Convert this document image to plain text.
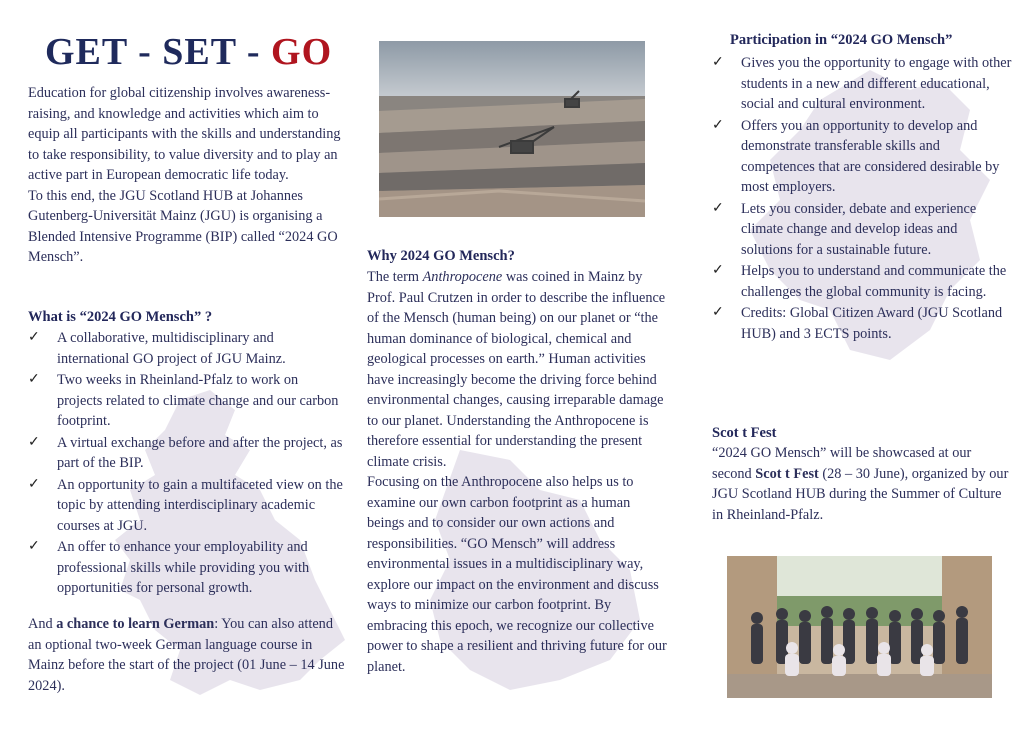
GET - SET - GO

Education for global citizenship involves awareness-raising, and knowledge and activities which aim to equip all participants with the skills and understanding to take responsibility, to value diversity and to play an active part in European democratic life today.

To this end, the JGU Scotland HUB at Johannes Gutenberg-Universität Mainz (JGU) is organising a Blended Intensive Programme (BIP) called “2024 GO Mensch”.

What is “2024 GO Mensch” ?
✓ A collaborative, multidisciplinary and international GO project of JGU Mainz.
✓ Two weeks in Rheinland-Pfalz to work on projects related to climate change and our carbon footprint.
✓ A virtual exchange before and after the project, as part of the BIP.
✓ An opportunity to gain a multifaceted view on the topic by attending interdisciplinary academic courses at JGU.
✓ An offer to enhance your employability and professional skills while providing you with opportunities for personal growth.

And a chance to learn German: You can also attend an optional two-week German language course in Mainz before the start of the project (01 June – 14 June 2024).

Why 2024 GO Mensch?

The term Anthropocene was coined in Mainz by Prof. Paul Crutzen in order to describe the influence of the Mensch (human being) on our planet or “the human dominance of biological, chemical and geological processes on earth.” Human activities have increasingly become the driving force behind environmental changes, causing irreparable damage to our planet. Understanding the Anthropocene is therefore essential for understanding the present climate crisis.

Focusing on the Anthropocene also helps us to examine our own carbon footprint as a human beings and to consider our own actions and responsibilities. “GO Mensch” will address environmental issues in a multidisciplinary way, explore our impact on the environment and discuss ways to minimize our carbon footprint. By embracing this epoch, we recognize our collective power to shape a resilient and thriving future for our planet.

Participation in “2024 GO Mensch”
✓ Gives you the opportunity to engage with other students in a new and different educational, social and cultural environment.
✓ Offers you an opportunity to develop and demonstrate transferable skills and competences that are considered desirable by most employers.
✓ Lets you consider, debate and experience climate change and develop ideas and solutions for a sustainable future.
✓ Helps you to understand and communicate the challenges the global community is facing.
✓ Credits: Global Citizen Award (JGU Scotland HUB) and 3 ECTS points.
Scot t Fest

“2024 GO Mensch” will be showcased at our second Scot t Fest (28 – 30 June), organized by our JGU Scotland HUB during the Summer of Culture in Rheinland-Pfalz.
